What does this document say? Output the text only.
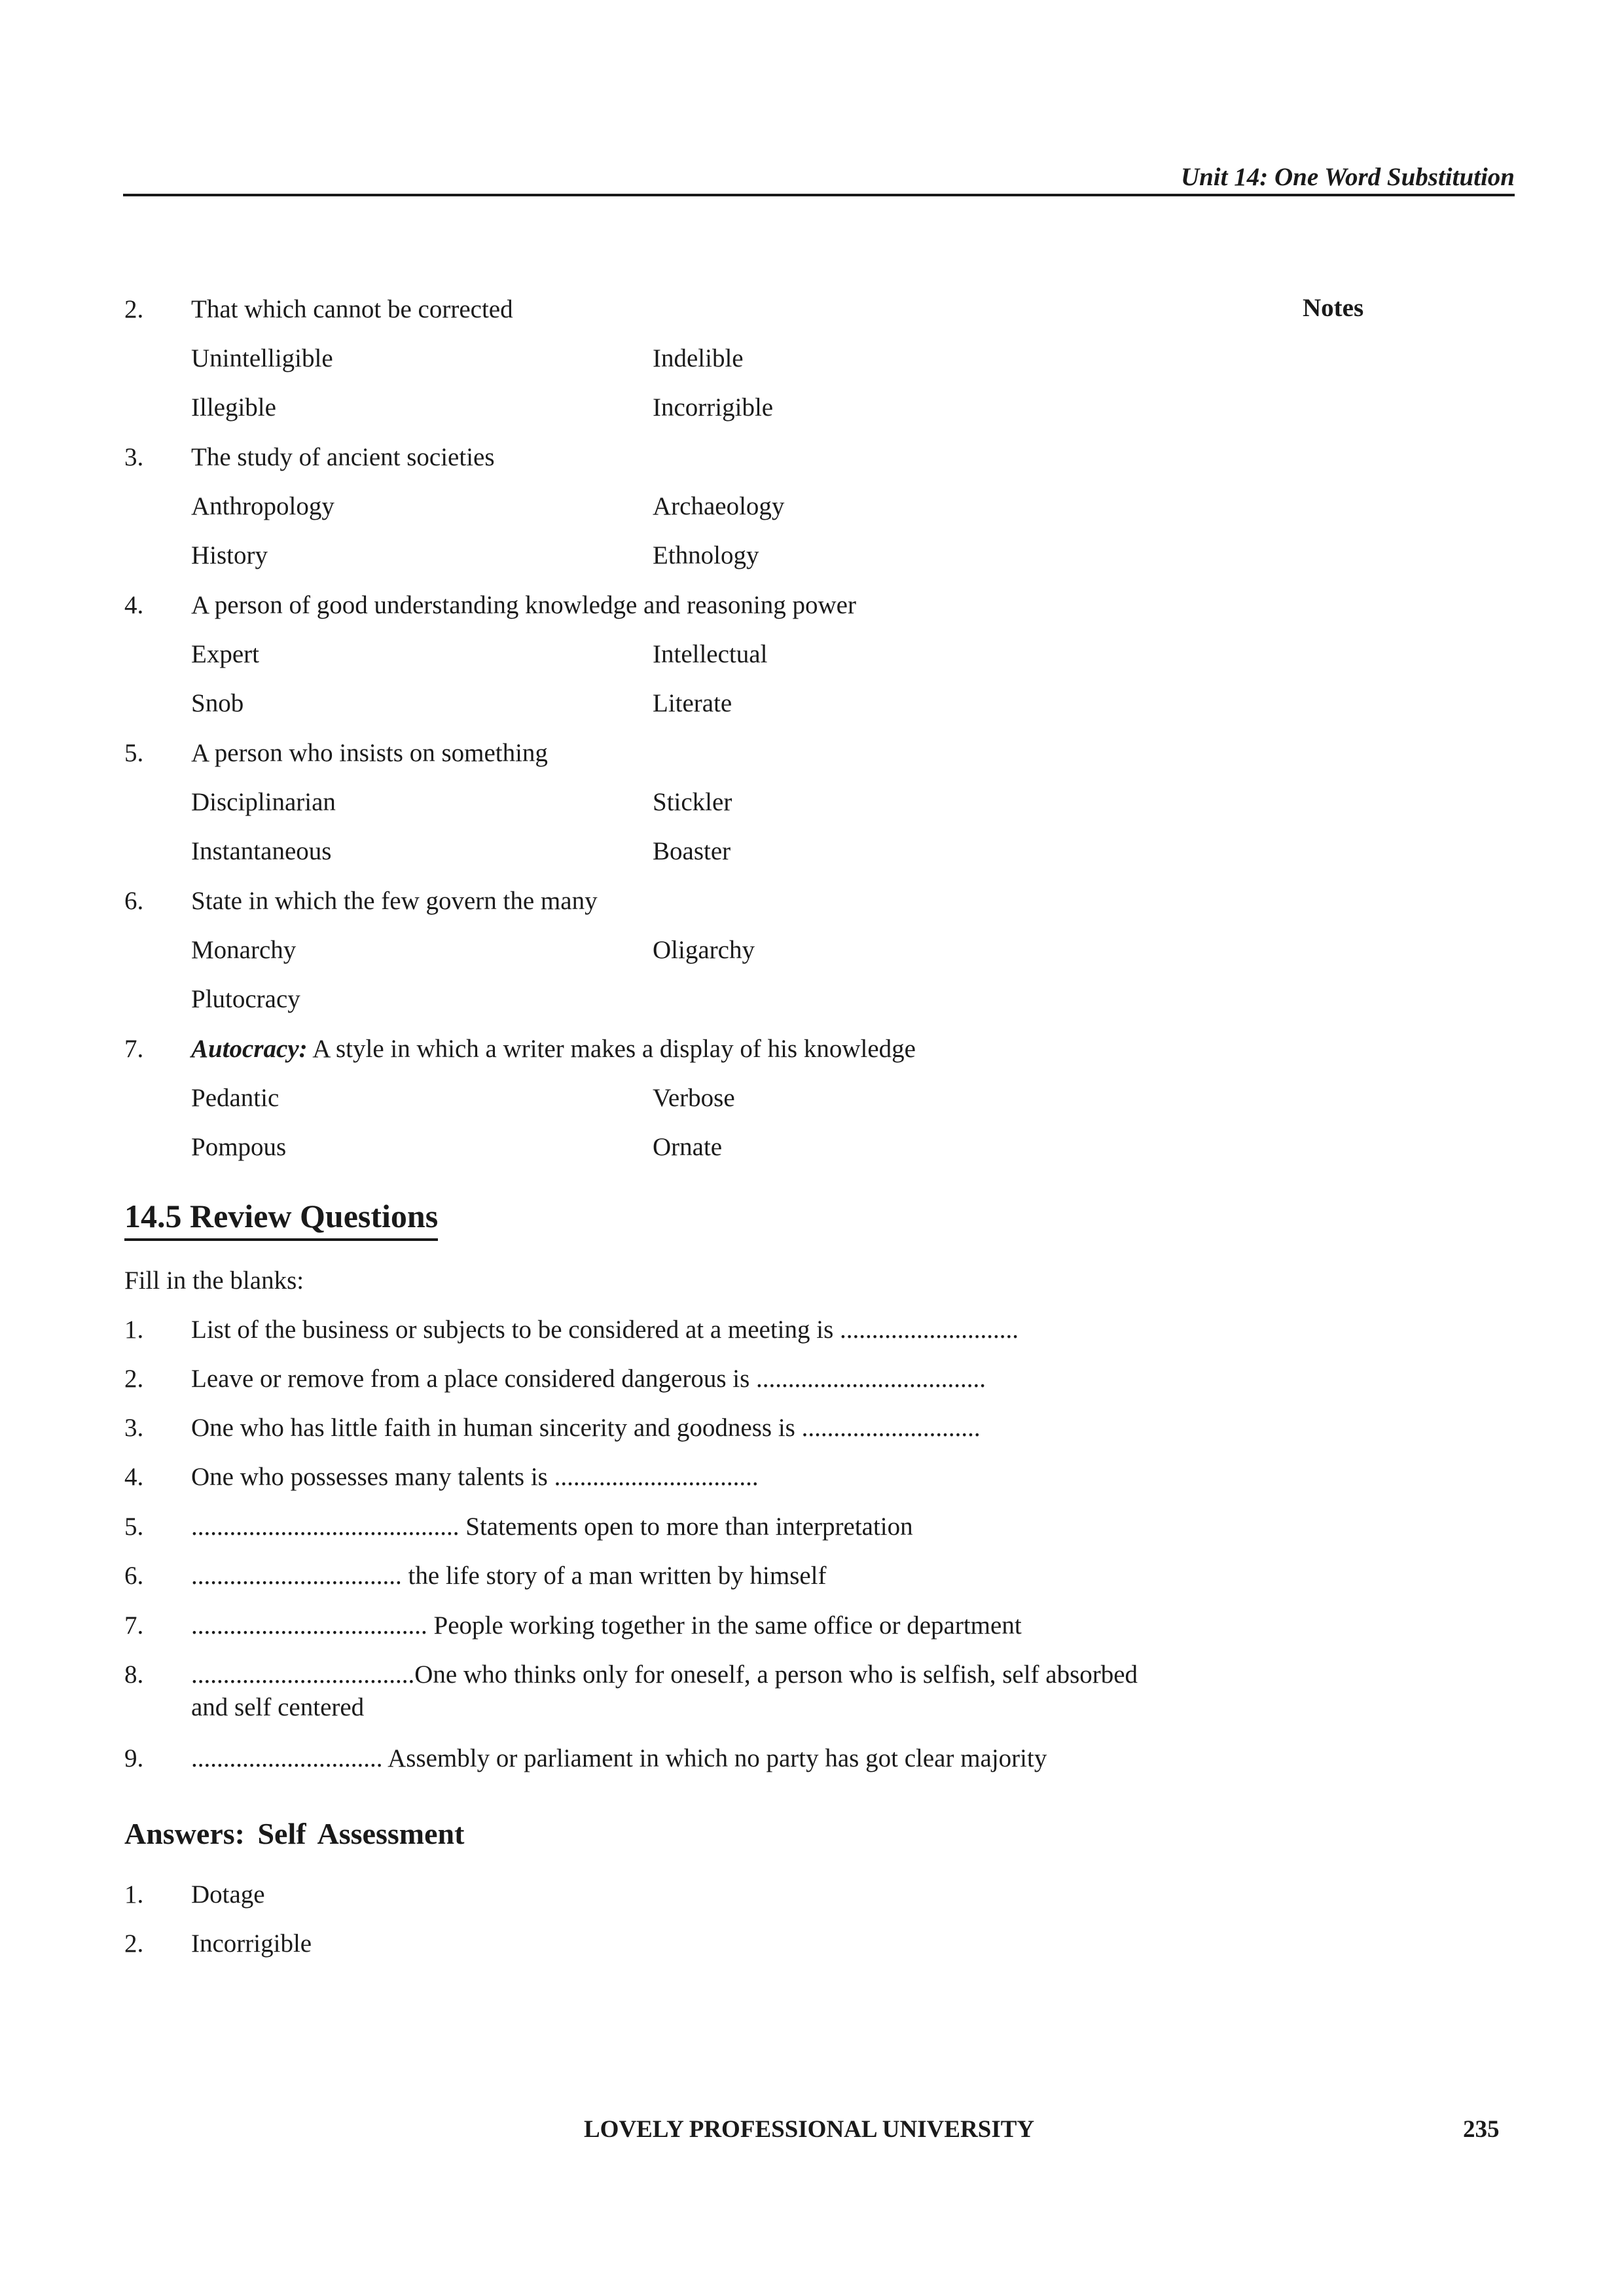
Unit 14: One Word Substitution
Notes
2. That which cannot be corrected
Unintelligible	Indelible
Illegible	Incorrigible
3. The study of ancient societies
Anthropology	Archaeology
History	Ethnology
4. A person of good understanding knowledge and reasoning power
Expert	Intellectual
Snob	Literate
5. A person who insists on something
Disciplinarian	Stickler
Instantaneous	Boaster
6. State in which the few govern the many
Monarchy	Oligarchy
Plutocracy
7. Autocracy: A style in which a writer makes a display of his knowledge
Pedantic	Verbose
Pompous	Ornate
14.5 Review Questions
Fill in the blanks:
1. List of the business or subjects to be considered at a meeting is ............................
2. Leave or remove from a place considered dangerous is ....................................
3. One who has little faith in human sincerity and goodness is ............................
4. One who possesses many talents is ................................
5. .......................................... Statements open to more than interpretation
6. ................................. the life story of a man written by himself
7. ..................................... People working together in the same office or department
8. ...................................One who thinks only for oneself, a person who is selfish, self absorbed
and self centered
9. .............................. Assembly or parliament in which no party has got clear majority
Answers: Self Assessment
1. Dotage
2. Incorrigible
LOVELY PROFESSIONAL UNIVERSITY	235
